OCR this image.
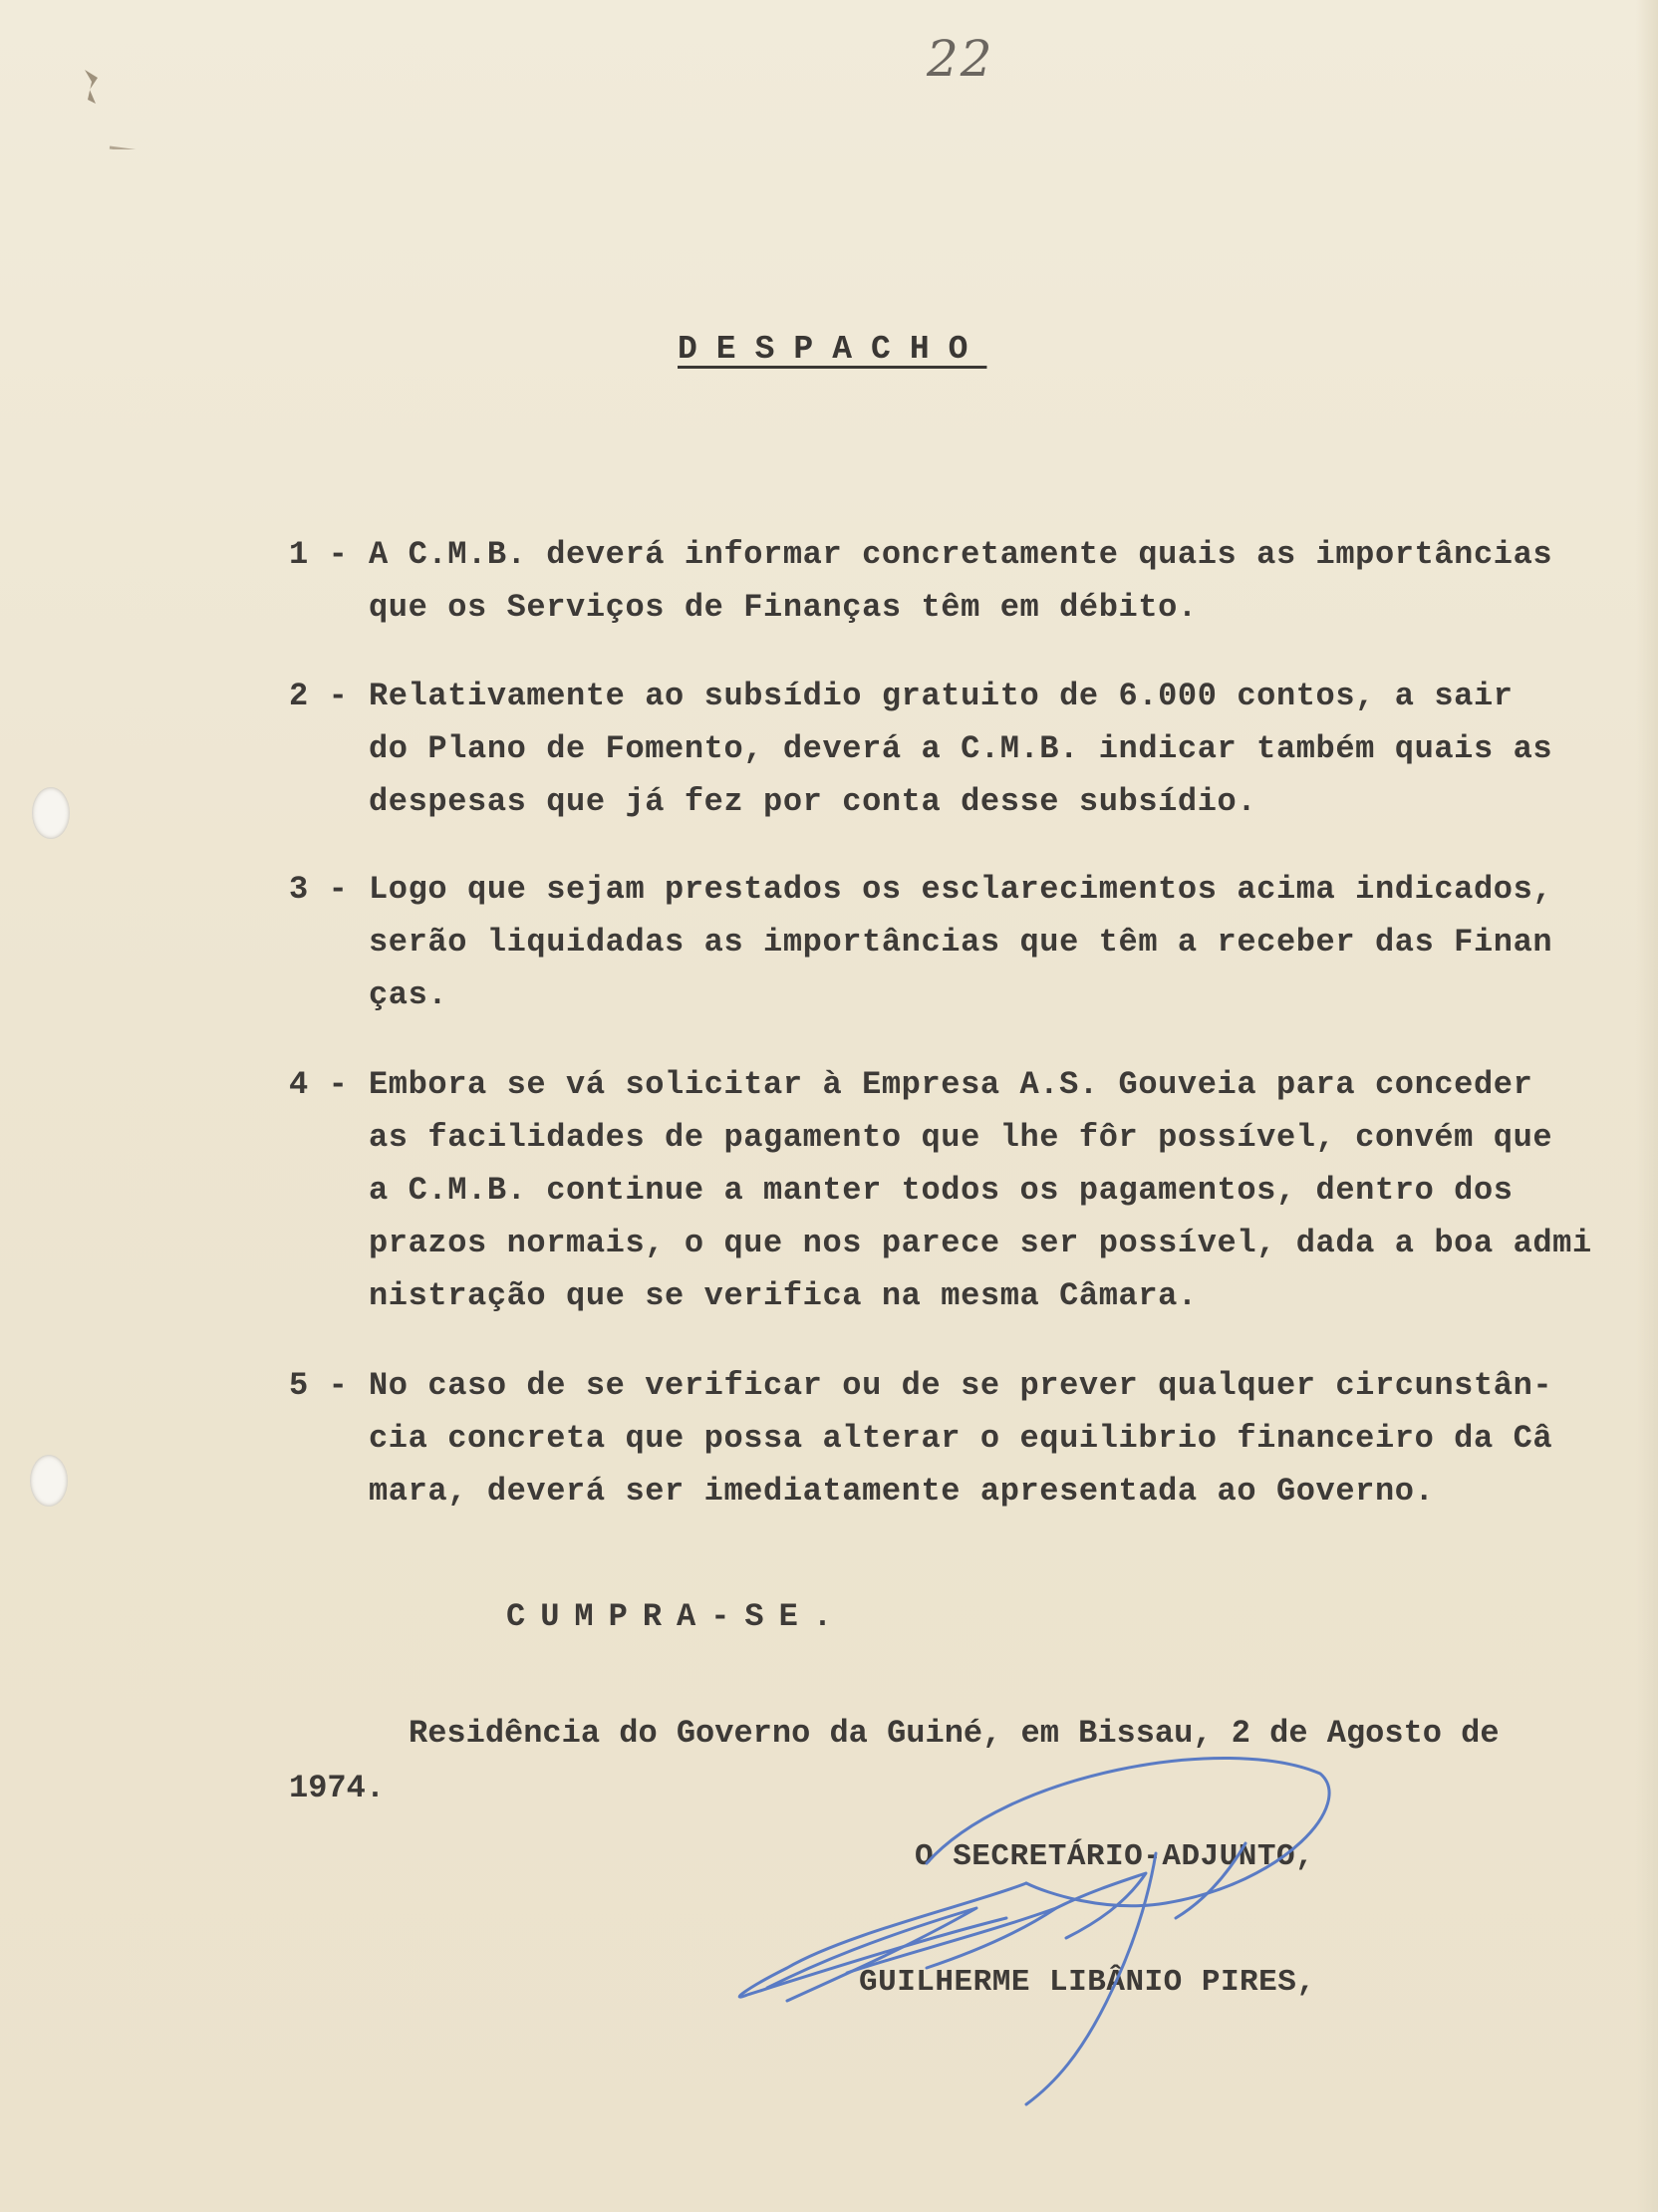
22
DESPACHO
1 - A C.M.B. deverá informar concretamente quais as importâncias
que os Serviços de Finanças têm em débito.
2 - Relativamente ao subsídio gratuito de 6.000 contos, a sair
do Plano de Fomento, deverá a C.M.B. indicar também quais as
despesas que já fez por conta desse subsídio.
3 - Logo que sejam prestados os esclarecimentos acima indicados,
serão liquidadas as importâncias que têm a receber das Finan
ças.
4 - Embora se vá solicitar à Empresa A.S. Gouveia para conceder
as facilidades de pagamento que lhe fôr possível, convém que
a C.M.B. continue a manter todos os pagamentos, dentro dos
prazos normais, o que nos parece ser possível, dada a boa admi
nistração que se verifica na mesma Câmara.
5 - No caso de se verificar ou de se prever qualquer circunstân-
cia concreta que possa alterar o equilibrio financeiro da Câ
mara, deverá ser imediatamente apresentada ao Governo.
CUMPRA-SE.
Residência do Governo da Guiné, em Bissau, 2 de Agosto de
1974.
O SECRETÁRIO-ADJUNTO,
GUILHERME LIBÂNIO PIRES,
